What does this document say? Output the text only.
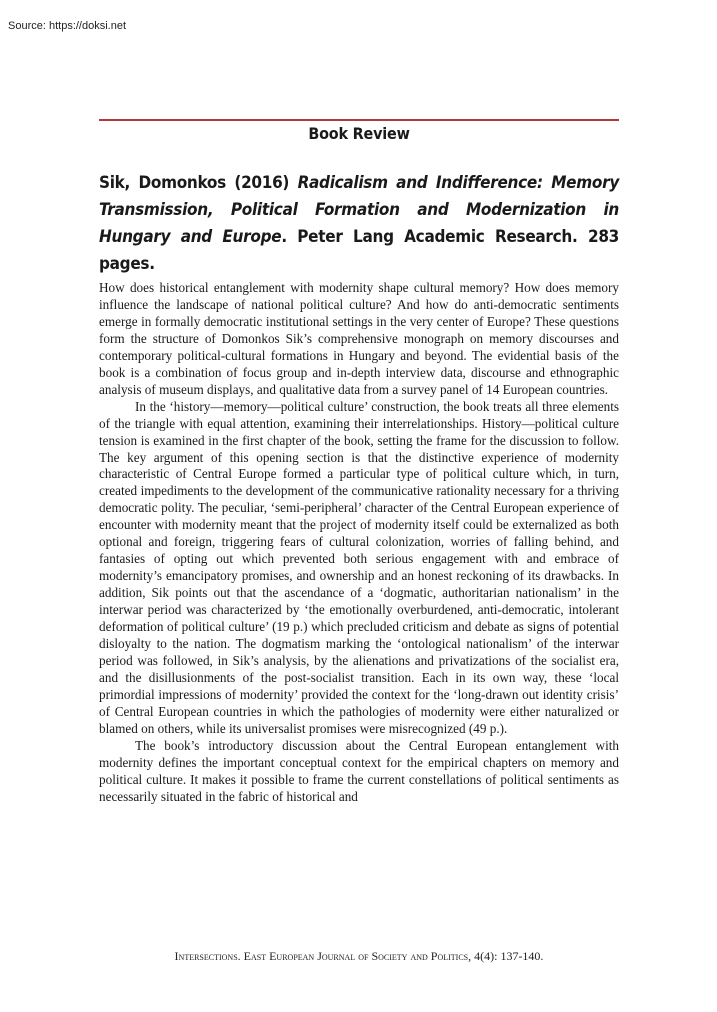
Source: https://doksi.net
Book Review
Sik, Domonkos (2016) Radicalism and Indifference: Memory Transmission, Political Formation and Modernization in Hungary and Europe. Peter Lang Academic Research. 283 pages.

How does historical entanglement with modernity shape cultural memory? How does memory influence the landscape of national political culture? And how do anti-democratic sentiments emerge in formally democratic institutional settings in the very center of Europe? These questions form the structure of Domonkos Sik’s comprehensive monograph on memory discourses and contemporary political-cultural formations in Hungary and beyond. The evidential basis of the book is a combination of focus group and in-depth interview data, discourse and ethnographic analysis of museum displays, and qualitative data from a survey panel of 14 European countries.

In the ‘history—memory—political culture’ construction, the book treats all three elements of the triangle with equal attention, examining their interrelationships. History—political culture tension is examined in the first chapter of the book, setting the frame for the discussion to follow. The key argument of this opening section is that the distinctive experience of modernity characteristic of Central Europe formed a particular type of political culture which, in turn, created impediments to the development of the communicative rationality necessary for a thriving democratic polity. The peculiar, ‘semi-peripheral’ character of the Central European experience of encounter with modernity meant that the project of modernity itself could be externalized as both optional and foreign, triggering fears of cultural colonization, worries of falling behind, and fantasies of opting out which prevented both serious engagement with and embrace of modernity’s emancipatory promises, and ownership and an honest reckoning of its drawbacks. In addition, Sik points out that the ascendance of a ‘dogmatic, authoritarian nationalism’ in the interwar period was characterized by ‘the emotionally overburdened, anti-democratic, intolerant deformation of political culture’ (19 p.) which precluded criticism and debate as signs of potential disloyalty to the nation. The dogmatism marking the ‘ontological nationalism’ of the interwar period was followed, in Sik’s analysis, by the alienations and privatizations of the socialist era, and the disillusionments of the post-socialist transition. Each in its own way, these ‘local primordial impressions of modernity’ provided the context for the ‘long-drawn out identity crisis’ of Central European countries in which the pathologies of modernity were either naturalized or blamed on others, while its universalist promises were misrecognized (49 p.).

The book’s introductory discussion about the Central European entanglement with modernity defines the important conceptual context for the empirical chapters on memory and political culture. It makes it possible to frame the current constellations of political sentiments as necessarily situated in the fabric of historical and

Intersections. East European Journal of Society and Politics, 4(4): 137-140.
